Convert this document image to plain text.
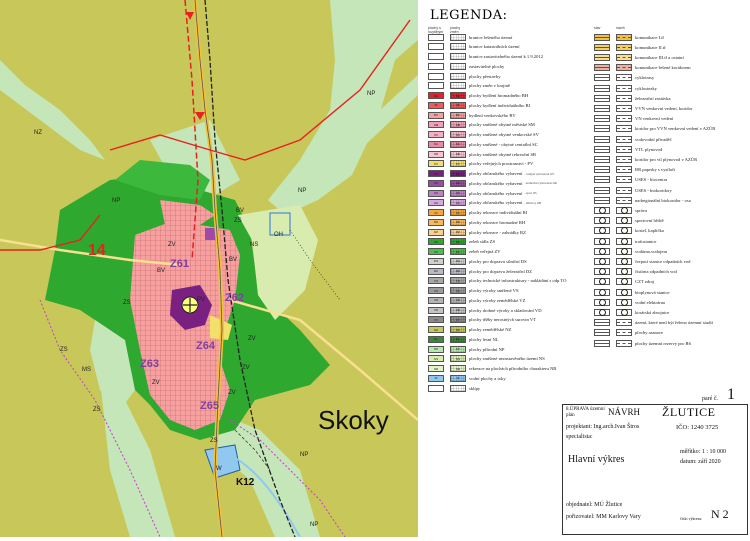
Skoky
NZ
NP
NP
NP
NP
NP
ZV
ZV
ZV
ZV
ZS
ZS
ZS
ZS
ZS
MS
NS
OH
BV
BV
BV
PV
W
ZV
Z61
Z62
Z63
Z64
Z65
14
K12
LEGENDA:
plochy s rozdílným
plochy změn
stav	návrh
hranice řešeného území
hranice katastrálních území
hranice zastavitelného území k 1.9.2012
zastavitelné plochy
plochy přestavby
plochy změn v krajině
BH	BH plochy bydlení hromadného BH
BI	BI plochy bydlení individuálního BI
BV	BV bydlení venkovského BV
SM	SM plochy smíšené obytné městské SM
SV	SV plochy smíšené obytné venkovské SV
SC	SC plochy smíšené - obytné centrální SC
SR	SR plochy smíšené obytné rekreační SR
PV	PV plochy veřejných prostranství - PV
OV	OV plochy občanského vybavení - veřejná vybavenost OV
OK	OK plochy občanského vybavení - komerční vybavenost OK
OS	OS plochy občanského vybavení - sport OS
OH	OH plochy občanského vybavení - hřbitovy OH
RI	RI plochy rekreace individuální RI
RH	RH plochy rekreace hromadné RH
RZ	RZ plochy rekreace - zahrádky RZ
ZS	ZS zeleň sídla ZS
ZV	ZV zeleň veřejná ZV
DS	DS plochy pro dopravu silniční DS
DZ	DZ plochy pro dopravu železniční DZ
TO	TO plochy technické infrastruktury - nakládání s odp TO
VS	VS plochy výroby smíšené VS
VZ	VZ plochy výroby zemědělské VZ
VD	VD plochy drobné výroby a skladování VD
VT	VT plochy těžby nerostných surovin VT
NZ	NZ plochy zemědělské NZ
NL	NL plochy lesní NL
NP	NP plochy přírodní NP
NS	NS plochy smíšené nezastavěného území NS
NR	NR rekreace na plochách přírodního charakteru NR
W	W vodní plochy a toky
sklípy
komunikace I.tř
komunikace II.tř
komunikace III.tř a ostatní
komunikace řešené koridorem
cyklotrasy
cyklostezky
železniční zastávka
VVN venkovní vedení, koridor
VN venkovní vedení
koridor pro VVN venkovní vedení v AZÚR
vodovodní přivaděč
VTL plynovod
koridor pro vtl plynovod v AZÚR
RR paprsky s vysílači
USES - biocentra
USES - biokoridory
nadregionální biokoridor - osa
správa
sportovní hřiště
kostel, kaplička
trafostanice
vodárna,vodojem
čerpací stanice odpadních vod
čistírna odpadních vod
CZT zdroj
bioplynová stanice
vodní elektrárna
kosárská zbrojnice
území, které není být řešeno územní studií
plochy asanace
plochy územní rezervy pro R6
paré č. 1
8.ÚPRAVA územní plán	NÁVRH ŽLUTICE
projektant: Ing.arch.Ivan Štros	IČO: 1240 3725
specialista:
Hlavní výkres
měřítko: 1 : 10 000
datum: září 2020
objednatel: MÚ Žlutice
pořizovatel: MM Karlovy Vary	číslo výkresu: N 2
